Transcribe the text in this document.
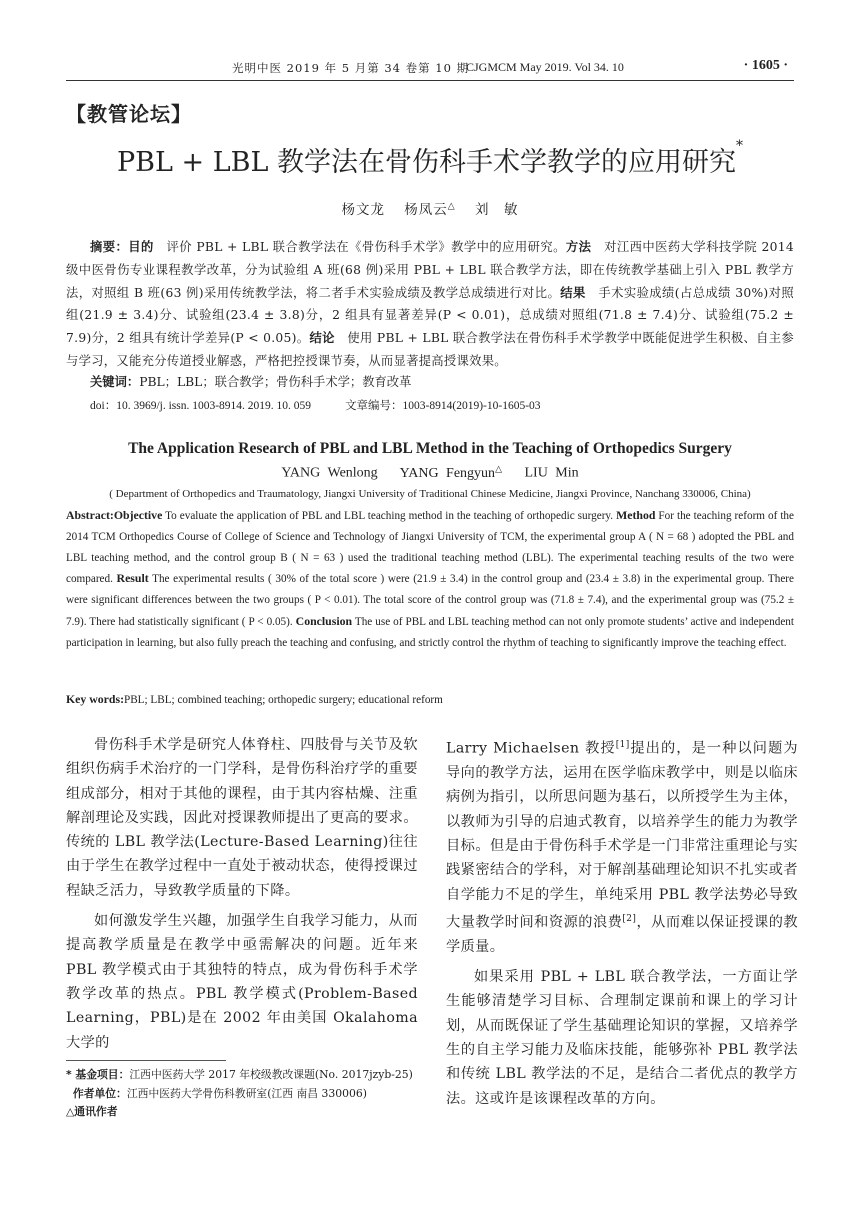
光明中医 2019 年 5 月第 34 卷第 10 期
CJGMCM May 2019. Vol 34. 10	· 1605 ·
【教管论坛】
PBL + LBL 教学法在骨伤科手术学教学的应用研究*
杨文龙 杨凤云△ 刘　敏
摘要：目的　评价 PBL + LBL 联合教学法在《骨伤科手术学》教学中的应用研究。方法　对江西中医药大学科技学院 2014 级中医骨伤专业课程教学改革，分为试验组 A 班(68 例)采用 PBL + LBL 联合教学方法，即在传统教学基础上引入 PBL 教学方法，对照组 B 班(63 例)采用传统教学法，将二者手术实验成绩及教学总成绩进行对比。结果　手术实验成绩(占总成绩 30%)对照组(21.9 ± 3.4)分、试验组(23.4 ± 3.8)分，2 组具有显著差异(P < 0.01)，总成绩对照组(71.8 ± 7.4)分、试验组(75.2 ± 7.9)分，2 组具有统计学差异(P < 0.05)。结论　使用 PBL + LBL 联合教学法在骨伤科手术学教学中既能促进学生积极、自主参与学习，又能充分传道授业解惑，严格把控授课节奏，从而显著提高授课效果。
关键词：PBL；LBL；联合教学；骨伤科手术学；教育改革
doi：10. 3969/j. issn. 1003-8914. 2019. 10. 059	文章编号：1003-8914(2019)-10-1605-03
The Application Research of PBL and LBL Method in the Teaching of Orthopedics Surgery
YANG Wenlong YANG Fengyun△ LIU Min
( Department of Orthopedics and Traumatology, Jiangxi University of Traditional Chinese Medicine, Jiangxi Province, Nanchang 330006, China)
Abstract:Objective To evaluate the application of PBL and LBL teaching method in the teaching of orthopedic surgery. Method For the teaching reform of the 2014 TCM Orthopedics Course of College of Science and Technology of Jiangxi University of TCM, the experimental group A ( N = 68 ) adopted the PBL and LBL teaching method, and the control group B ( N = 63 ) used the traditional teaching method (LBL). The experimental teaching results of the two were compared. Result The experimental results ( 30% of the total score ) were (21.9 ± 3.4) in the control group and (23.4 ± 3.8) in the experimental group. There were significant differences between the two groups ( P < 0.01). The total score of the control group was (71.8 ± 7.4), and the experimental group was (75.2 ± 7.9). There had statistically significant ( P < 0.05). Conclusion The use of PBL and LBL teaching method can not only promote students’ active and independent participation in learning, but also fully preach the teaching and confusing, and strictly control the rhythm of teaching to significantly improve the teaching effect.
Key words:PBL; LBL; combined teaching; orthopedic surgery; educational reform

骨伤科手术学是研究人体脊柱、四肢骨与关节及软组织伤病手术治疗的一门学科，是骨伤科治疗学的重要组成部分，相对于其他的课程，由于其内容枯燥、注重解剖理论及实践，因此对授课教师提出了更高的要求。传统的 LBL 教学法(Lecture-Based Learning)往往由于学生在教学过程中一直处于被动状态，使得授课过程缺乏活力，导致教学质量的下降。

如何激发学生兴趣，加强学生自我学习能力，从而提高教学质量是在教学中亟需解决的问题。近年来 PBL 教学模式由于其独特的特点，成为骨伤科手术学教学改革的热点。PBL 教学模式(Problem-Based Learning，PBL)是在 2002 年由美国 Okalahoma 大学的

Larry Michaelsen 教授[1]提出的，是一种以问题为导向的教学方法，运用在医学临床教学中，则是以临床病例为指引，以所思问题为基石，以所授学生为主体，以教师为引导的启迪式教育，以培养学生的能力为教学目标。但是由于骨伤科手术学是一门非常注重理论与实践紧密结合的学科，对于解剖基础理论知识不扎实或者自学能力不足的学生，单纯采用 PBL 教学法势必导致大量教学时间和资源的浪费[2]，从而难以保证授课的教学质量。

如果采用 PBL + LBL 联合教学法，一方面让学生能够清楚学习目标、合理制定课前和课上的学习计划，从而既保证了学生基础理论知识的掌握，又培养学生的自主学习能力及临床技能，能够弥补 PBL 教学法和传统 LBL 教学法的不足，是结合二者优点的教学方法。这或许是该课程改革的方向。

* 基金项目：江西中医药大学 2017 年校级教改课题(No. 2017jzyb-25)
作者单位：江西中医药大学骨伤科教研室(江西 南昌 330006)
△通讯作者
